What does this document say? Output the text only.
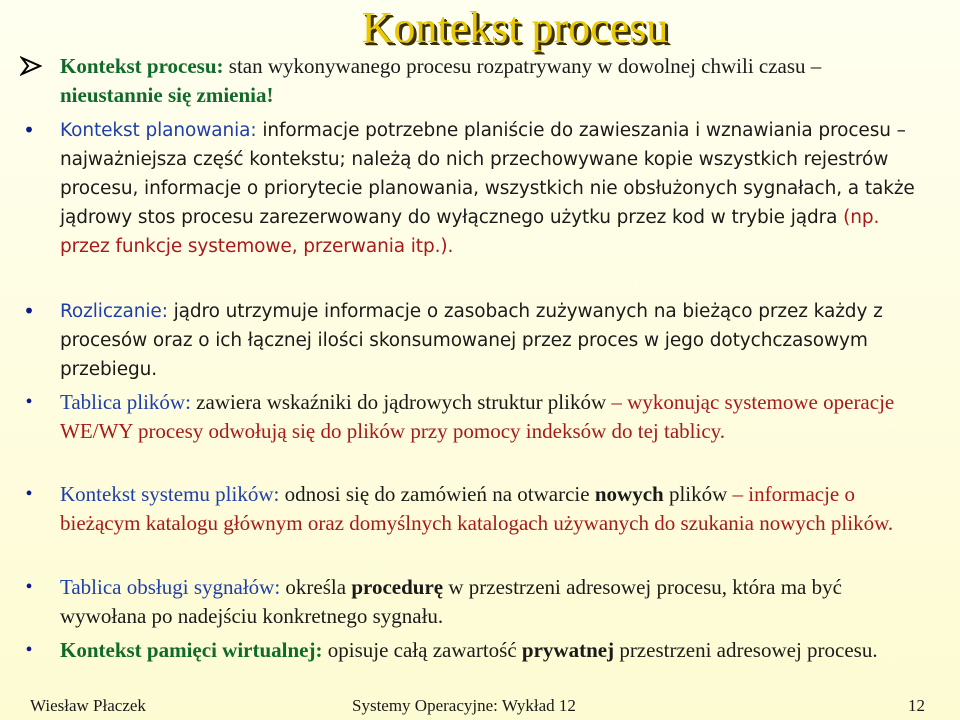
Kontekst procesu
Kontekst procesu: stan wykonywanego procesu rozpatrywany w dowolnej chwili czasu – nieustannie się zmienia!
• Kontekst planowania: informacje potrzebne planiście do zawieszania i wznawiania procesu – najważniejsza część kontekstu; należą do nich przechowywane kopie wszystkich rejestrów procesu, informacje o priorytecie planowania, wszystkich nie obsłużonych sygnałach, a także jądrowy stos procesu zarezerwowany do wyłącznego użytku przez kod w trybie jądra (np. przez funkcje systemowe, przerwania itp.).
• Rozliczanie: jądro utrzymuje informacje o zasobach zużywanych na bieżąco przez każdy z procesów oraz o ich łącznej ilości skonsumowanej przez proces w jego dotychczasowym przebiegu.
• Tablica plików: zawiera wskaźniki do jądrowych struktur plików – wykonując systemowe operacje WE/WY procesy odwołują się do plików przy pomocy indeksów do tej tablicy.
• Kontekst systemu plików: odnosi się do zamówień na otwarcie nowych plików – informacje o bieżącym katalogu głównym oraz domyślnych katalogach używanych do szukania nowych plików.
• Tablica obsługi sygnałów: określa procedurę w przestrzeni adresowej procesu, która ma być wywołana po nadejściu konkretnego sygnału.
• Kontekst pamięci wirtualnej: opisuje całą zawartość prywatnej przestrzeni adresowej procesu.
Wiesław Płaczek	Systemy Operacyjne: Wykład 12	12
